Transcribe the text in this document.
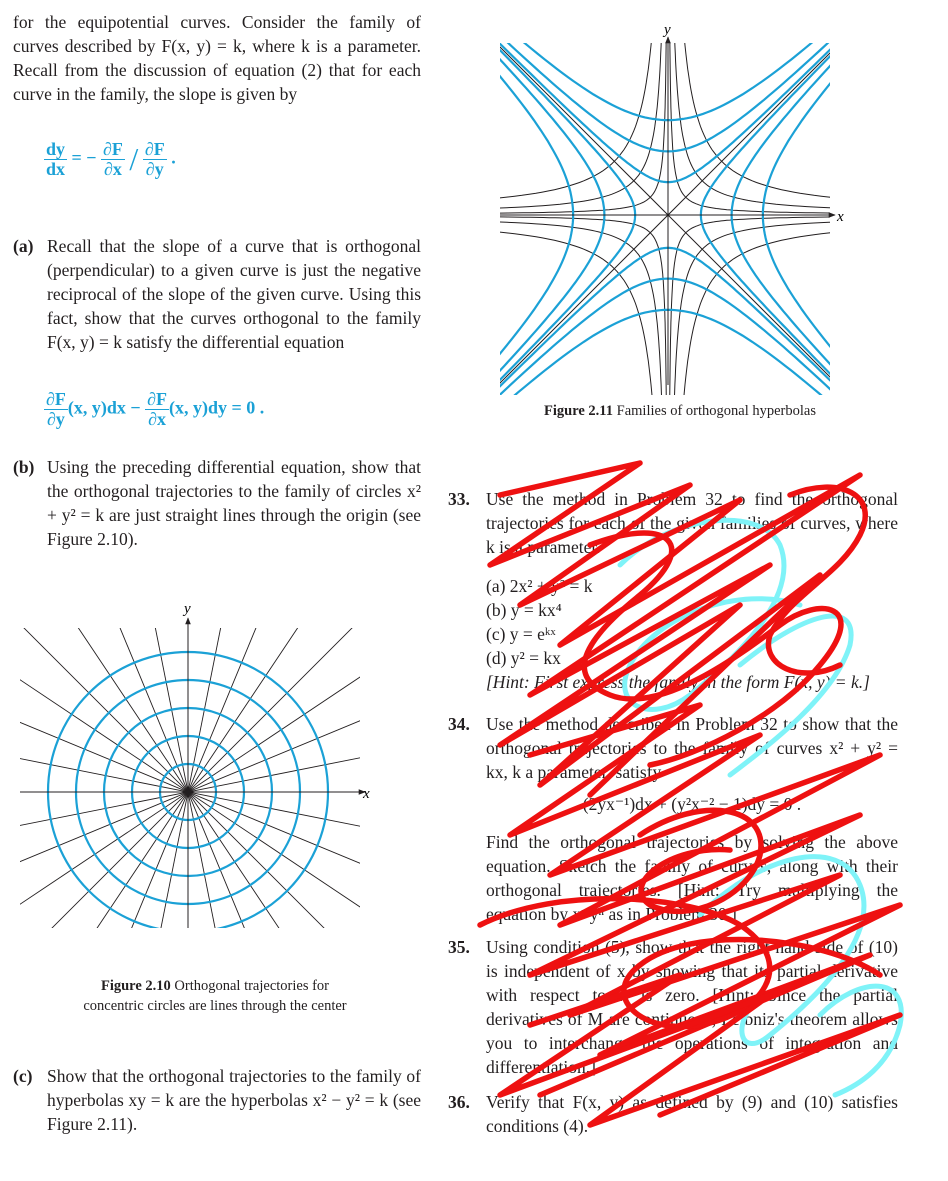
for the equipotential curves. Consider the family of curves described by F(x, y) = k, where k is a parameter. Recall from the discussion of equation (2) that for each curve in the family, the slope is given by
$\frac{dy}{dx}$ = − $\frac{\partial F}{\partial x} / \frac{\partial F}{\partial y}$ .
(a) Recall that the slope of a curve that is orthogonal (perpendicular) to a given curve is just the negative reciprocal of the slope of the given curve. Using this fact, show that the curves orthogonal to the family F(x, y) = k satisfy the differential equation
$\frac{\partial F}{\partial y} (x$, $y)dx - \frac{\partial F}{\partial x} (x$, y)dy = 0 .
(b) Using the preceding differential equation, show that the orthogonal trajectories to the family of circles x² + y² = k are just straight lines through the origin (see Figure 2.10).
x
y
Figure 2.10 Orthogonal trajectories for
concentric circles are lines through the center
(c) Show that the orthogonal trajectories to the family of hyperbolas xy = k are the hyperbolas x² − y² = k (see Figure 2.11).
x
y
Figure 2.11 Families of orthogonal hyperbolas
33. Use the method in Problem 32 to find the orthogonal trajectories for each of the given families of curves, where k is a parameter.
(a) 2x² + y² = k
(b) y = kx⁴
(c) y = eᵏˣ
(d) y² = kx
[Hint: First express the family in the form F(x, y) = k.]
34. Use the method described in Problem 32 to show that the orthogonal trajectories to the family of curves x² + y² = kx, k a parameter, satisfy
(2yx⁻¹)dx + (y²x⁻² − 1)dy = 0 .
Find the orthogonal trajectories by solving the above equation. Sketch the family of curves, along with their orthogonal trajectories. [Hint: Try multiplying the equation by xᵐyⁿ as in Problem 30.]
35. Using condition (5), show that the right-hand side of (10) is independent of x by showing that its partial derivative with respect to x is zero. [Hint: Since the partial derivatives of M are continuous, Leibniz's theorem allows you to interchange the operations of integration and differentiation.]
36. Verify that F(x, y) as defined by (9) and (10) satisfies conditions (4).
